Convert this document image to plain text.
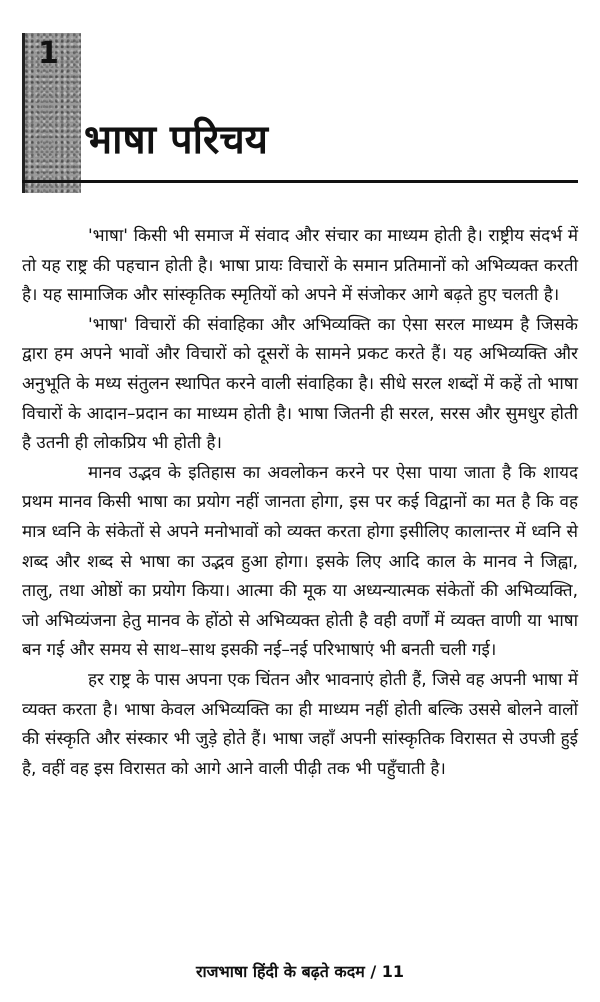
1
भाषा परिचय

'भाषा' किसी भी समाज में संवाद और संचार का माध्यम होती है। राष्ट्रीय संदर्भ में तो यह राष्ट्र की पहचान होती है। भाषा प्रायः विचारों के समान प्रतिमानों को अभिव्यक्त करती है। यह सामाजिक और सांस्कृतिक स्मृतियों को अपने में संजोकर आगे बढ़ते हुए चलती है।

'भाषा' विचारों की संवाहिका और अभिव्यक्ति का ऐसा सरल माध्यम है जिसके द्वारा हम अपने भावों और विचारों को दूसरों के सामने प्रकट करते हैं। यह अभिव्यक्ति और अनुभूति के मध्य संतुलन स्थापित करने वाली संवाहिका है। सीधे सरल शब्दों में कहें तो भाषा विचारों के आदान–प्रदान का माध्यम होती है। भाषा जितनी ही सरल, सरस और सुमधुर होती है उतनी ही लोकप्रिय भी होती है।

मानव उद्भव के इतिहास का अवलोकन करने पर ऐसा पाया जाता है कि शायद प्रथम मानव किसी भाषा का प्रयोग नहीं जानता होगा, इस पर कई विद्वानों का मत है कि वह मात्र ध्वनि के संकेतों से अपने मनोभावों को व्यक्त करता होगा इसीलिए कालान्तर में ध्वनि से शब्द और शब्द से भाषा का उद्भव हुआ होगा। इसके लिए आदि काल के मानव ने जिह्वा, तालु, तथा ओष्ठों का प्रयोग किया। आत्मा की मूक या अध्यन्यात्मक संकेतों की अभिव्यक्ति, जो अभिव्यंजना हेतु मानव के होंठो से अभिव्यक्त होती है वही वर्णों में व्यक्त वाणी या भाषा बन गई और समय से साथ–साथ इसकी नई–नई परिभाषाएं भी बनती चली गई।

हर राष्ट्र के पास अपना एक चिंतन और भावनाएं होती हैं, जिसे वह अपनी भाषा में व्यक्त करता है। भाषा केवल अभिव्यक्ति का ही माध्यम नहीं होती बल्कि उससे बोलने वालों की संस्कृति और संस्कार भी जुड़े होते हैं। भाषा जहाँ अपनी सांस्कृतिक विरासत से उपजी हुई है, वहीं वह इस विरासत को आगे आने वाली पीढ़ी तक भी पहुँचाती है।

राजभाषा हिंदी के बढ़ते कदम / 11
